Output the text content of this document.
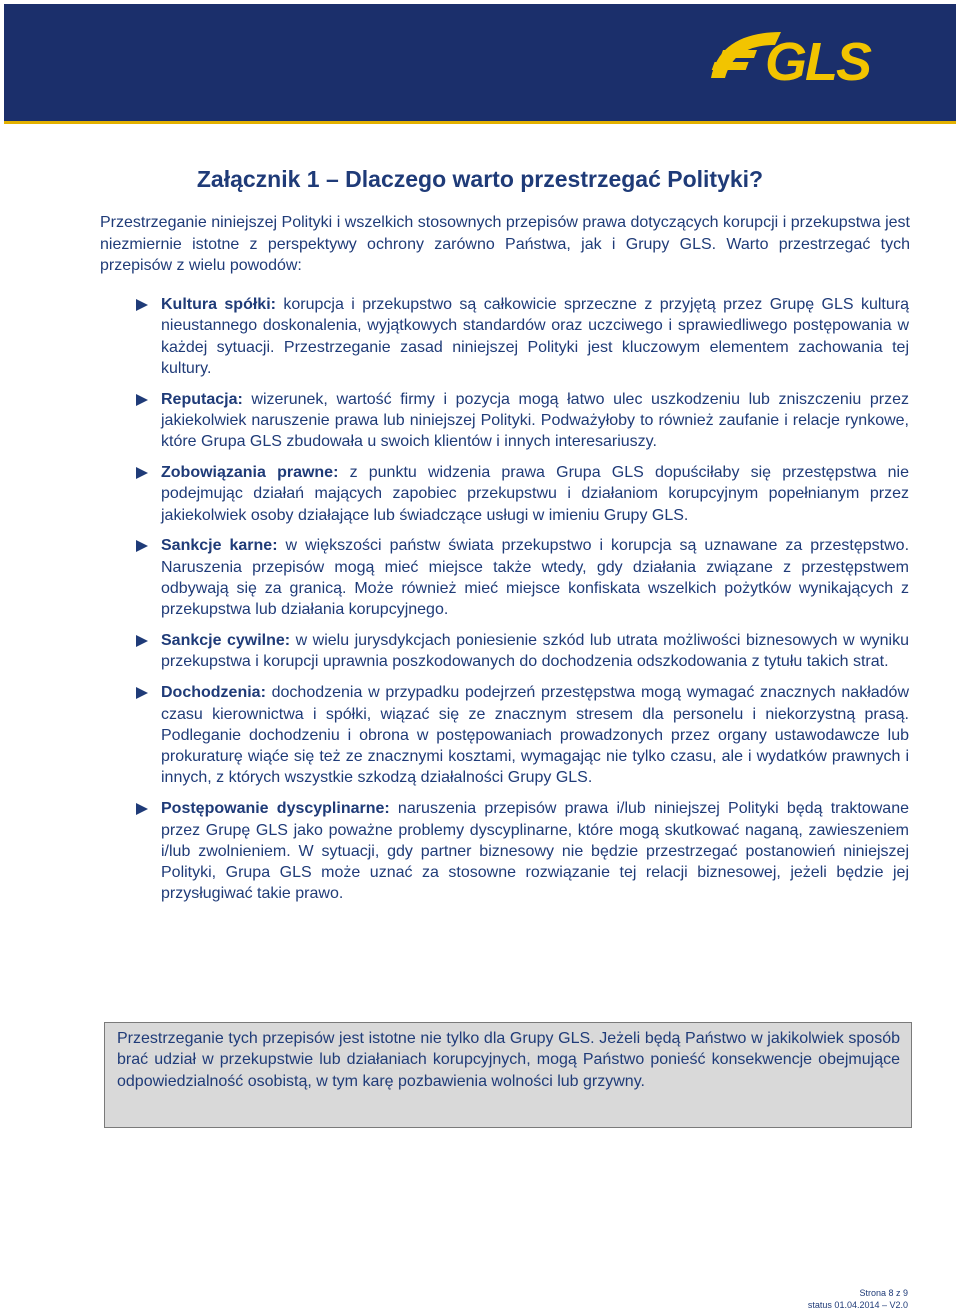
GLS
Załącznik 1 – Dlaczego warto przestrzegać Polityki?

Przestrzeganie niniejszej Polityki i wszelkich stosownych przepisów prawa dotyczących korupcji i przekupstwa jest niezmiernie istotne z perspektywy ochrony zarówno Państwa, jak i Grupy GLS. Warto przestrzegać tych przepisów z wielu powodów:

Kultura spółki: korupcja i przekupstwo są całkowicie sprzeczne z przyjętą przez Grupę GLS kulturą nieustannego doskonalenia, wyjątkowych standardów oraz uczciwego i sprawiedliwego postępowania w każdej sytuacji. Przestrzeganie zasad niniejszej Polityki jest kluczowym elementem zachowania tej kultury.
Reputacja: wizerunek, wartość firmy i pozycja mogą łatwo ulec uszkodzeniu lub zniszczeniu przez jakiekolwiek naruszenie prawa lub niniejszej Polityki. Podważyłoby to również zaufanie i relacje rynkowe, które Grupa GLS zbudowała u swoich klientów i innych interesariuszy.
Zobowiązania prawne: z punktu widzenia prawa Grupa GLS dopuściłaby się przestępstwa nie podejmując działań mających zapobiec przekupstwu i działaniom korupcyjnym popełnianym przez jakiekolwiek osoby działające lub świadczące usługi w imieniu Grupy GLS.
Sankcje karne: w większości państw świata przekupstwo i korupcja są uznawane za przestępstwo. Naruszenia przepisów mogą mieć miejsce także wtedy, gdy działania związane z przestępstwem odbywają się za granicą. Może również mieć miejsce konfiskata wszelkich pożytków wynikających z przekupstwa lub działania korupcyjnego.
Sankcje cywilne: w wielu jurysdykcjach poniesienie szkód lub utrata możliwości biznesowych w wyniku przekupstwa i korupcji uprawnia poszkodowanych do dochodzenia odszkodowania z tytułu takich strat.
Dochodzenia: dochodzenia w przypadku podejrzeń przestępstwa mogą wymagać znacznych nakładów czasu kierownictwa i spółki, wiązać się ze znacznym stresem dla personelu i niekorzystną prasą. Podleganie dochodzeniu i obrona w postępowaniach prowadzonych przez organy ustawodawcze lub prokuraturę wiąće się też ze znacznymi kosztami, wymagając nie tylko czasu, ale i wydatków prawnych i innych, z których wszystkie szkodzą działalności Grupy GLS.
Postępowanie dyscyplinarne: naruszenia przepisów prawa i/lub niniejszej Polityki będą traktowane przez Grupę GLS jako poważne problemy dyscyplinarne, które mogą skutkować naganą, zawieszeniem i/lub zwolnieniem. W sytuacji, gdy partner biznesowy nie będzie przestrzegać postanowień niniejszej Polityki, Grupa GLS może uznać za stosowne rozwiązanie tej relacji biznesowej, jeżeli będzie jej przysługiwać takie prawo.

Przestrzeganie tych przepisów jest istotne nie tylko dla Grupy GLS. Jeżeli będą Państwo w jakikolwiek sposób brać udział w przekupstwie lub działaniach korupcyjnych, mogą Państwo ponieść konsekwencje obejmujące odpowiedzialność osobistą, w tym karę pozbawienia wolności lub grzywny.

Strona 8 z 9
status 01.04.2014 – V2.0
